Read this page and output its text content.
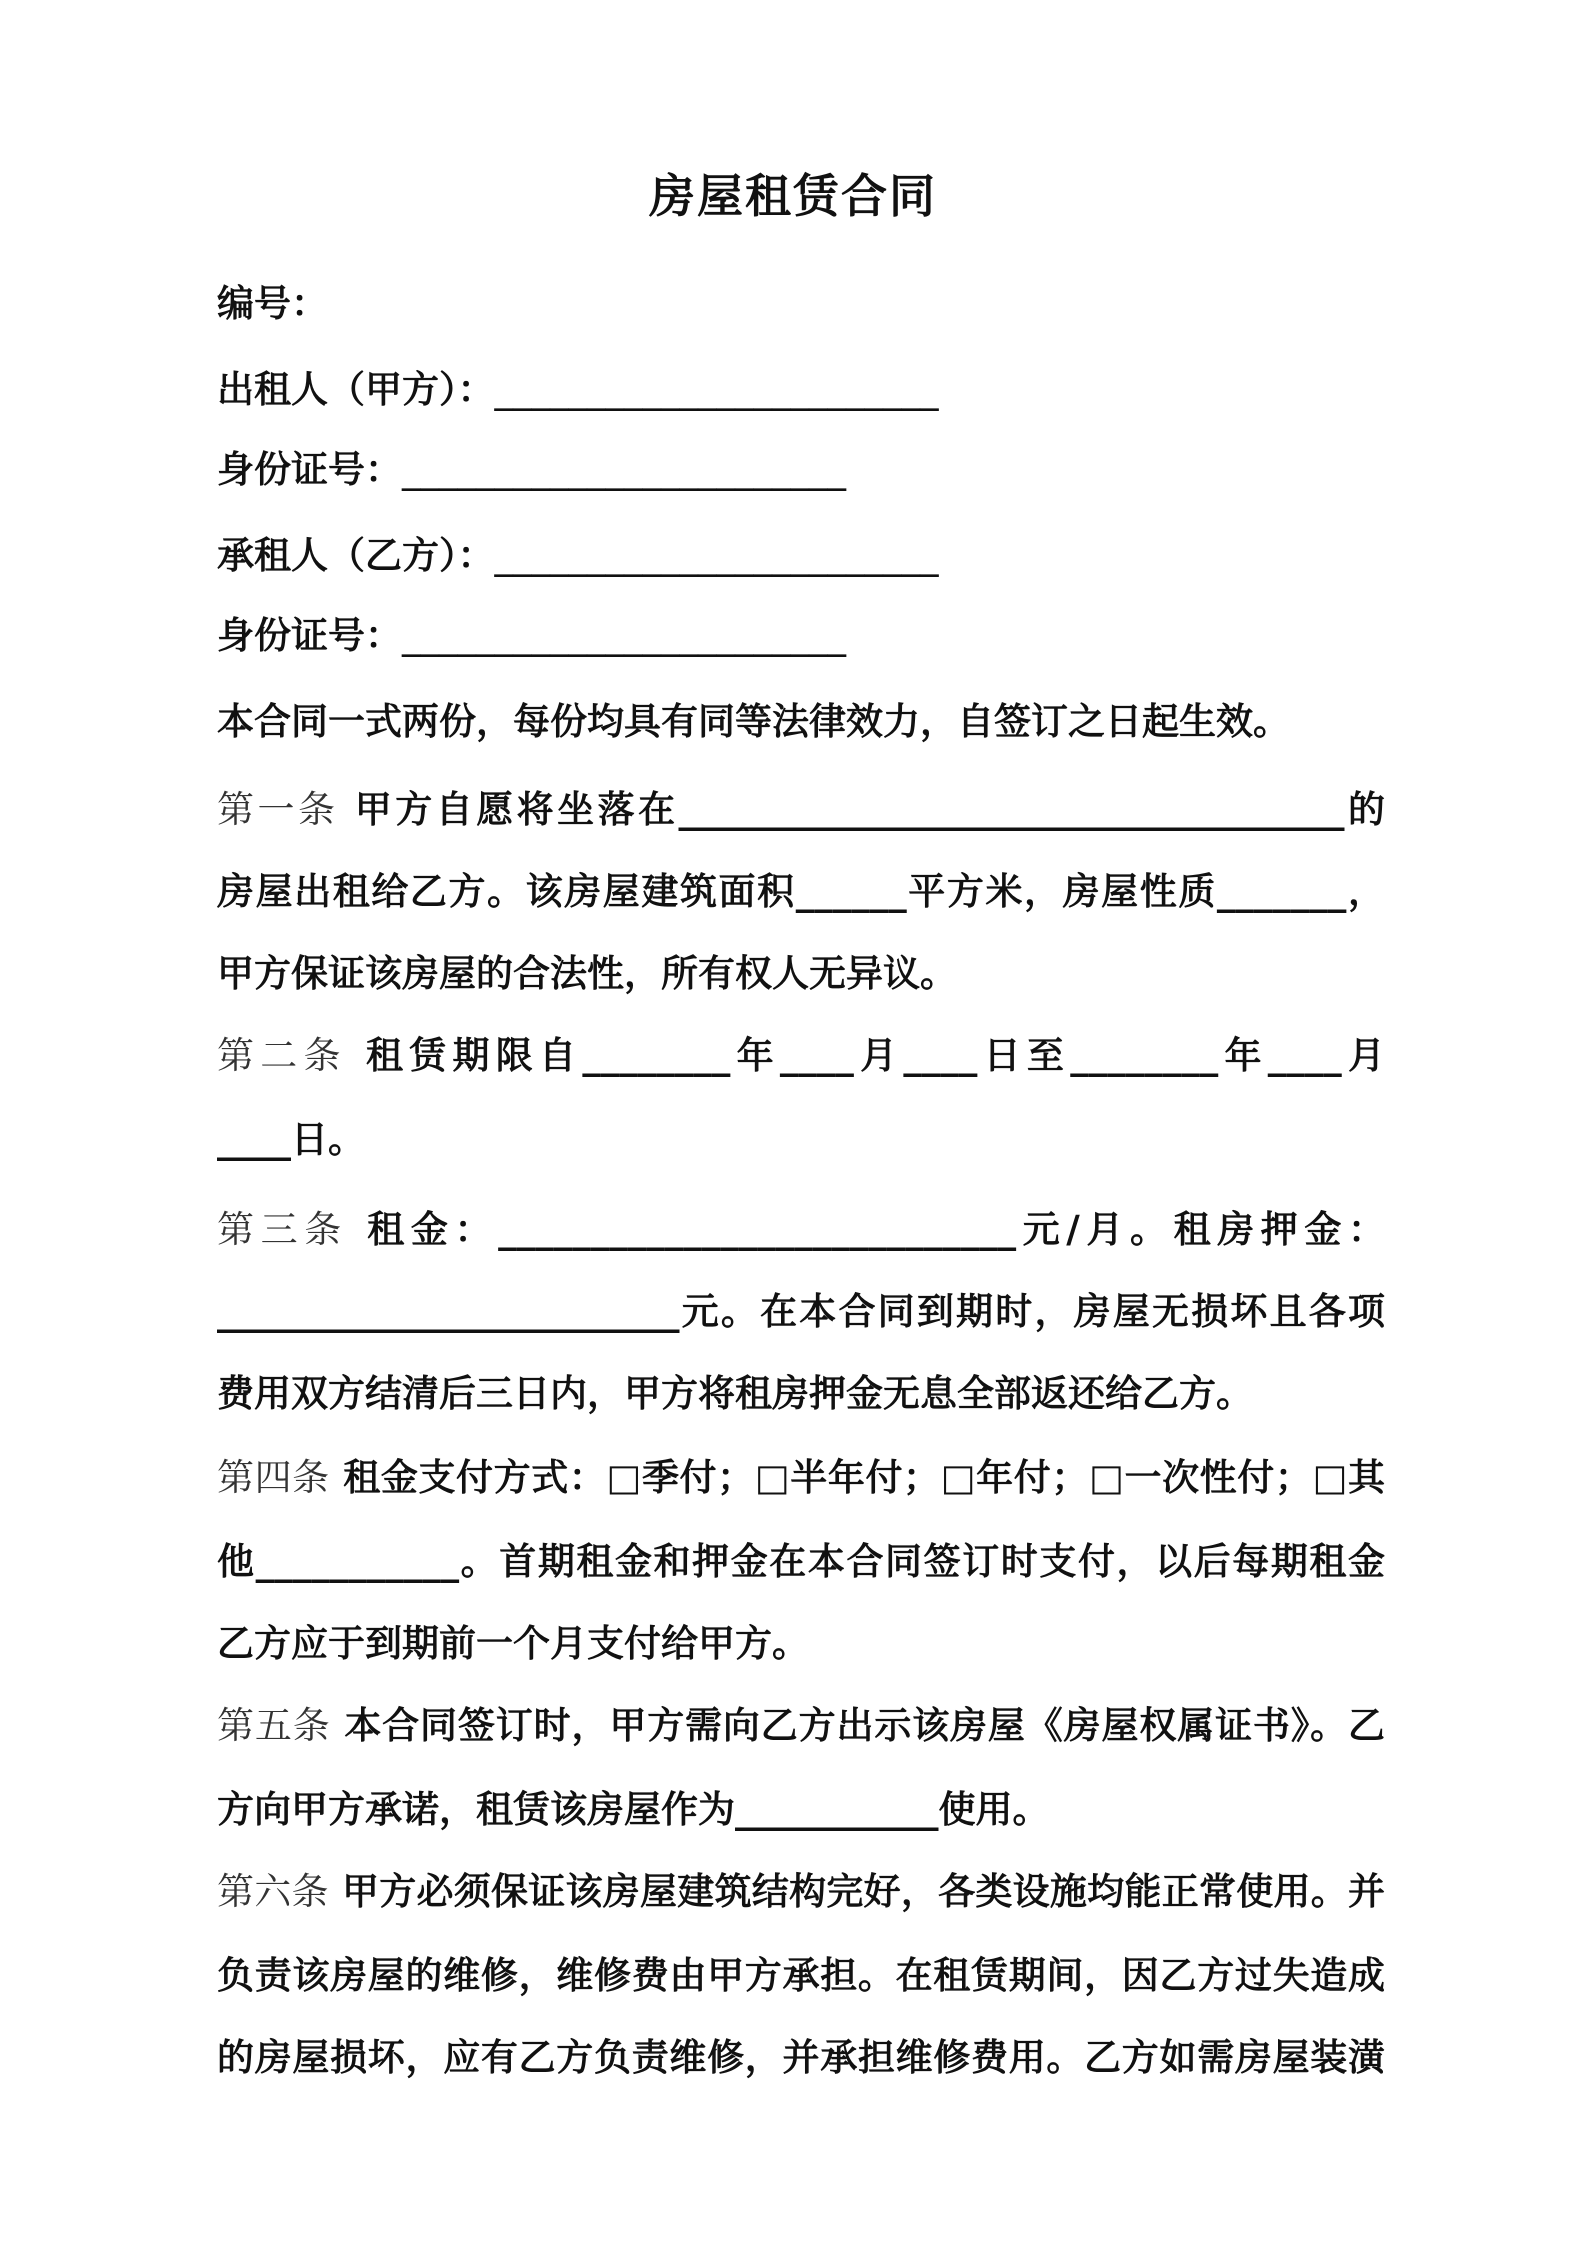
房屋租赁合同
编号：
出租人（甲方）：________________________
身份证号：________________________
承租人（乙方）：________________________
身份证号：________________________
本合同一式两份，每份均具有同等法律效力，自签订之日起生效。
第一条 甲方自愿将坐落在____________________________________的
房屋出租给乙方。该房屋建筑面积______平方米，房屋性质_______，
甲方保证该房屋的合法性，所有权人无异议。
第二条 租赁期限自________年____月____日至________年____月
____日。
第三条 租金：____________________________元/月。租房押金：
_________________________元。在本合同到期时，房屋无损坏且各项
费用双方结清后三日内，甲方将租房押金无息全部返还给乙方。
第四条 租金支付方式：□季付；□半年付；□年付；□一次性付；□其
他___________。首期租金和押金在本合同签订时支付，以后每期租金
乙方应于到期前一个月支付给甲方。
第五条 本合同签订时，甲方需向乙方出示该房屋《房屋权属证书》。乙
方向甲方承诺，租赁该房屋作为___________使用。
第六条 甲方必须保证该房屋建筑结构完好，各类设施均能正常使用。并
负责该房屋的维修，维修费由甲方承担。在租赁期间，因乙方过失造成
的房屋损坏，应有乙方负责维修，并承担维修费用。乙方如需房屋装潢
